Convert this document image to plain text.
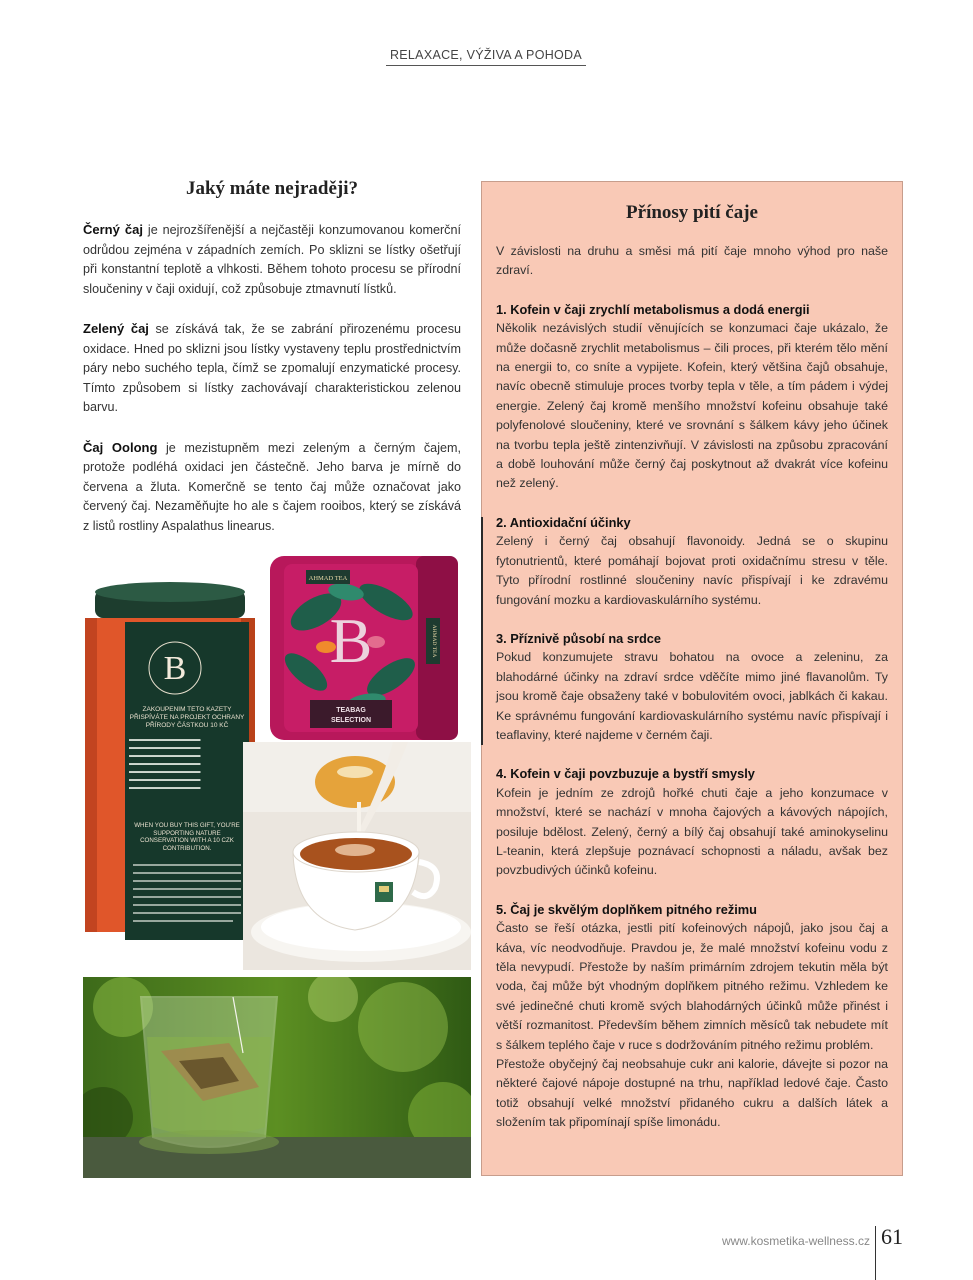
RELAXACE, VÝŽIVA A POHODA
Jaký máte nejraději?

Černý čaj je nejrozšířenější a nejčastěji konzumovanou komerční odrůdou zejména v západních zemích. Po sklizni se lístky ošetřují při konstantní teplotě a vlhkosti. Během tohoto procesu se přírodní sloučeniny v čaji oxidují, což způsobuje ztmavnutí lístků.

Zelený čaj se získává tak, že se zabrání přirozenému procesu oxidace. Hned po sklizni jsou lístky vystaveny teplu prostřednictvím páry nebo suchého tepla, čímž se zpomalují enzymatické procesy. Tímto způsobem si lístky zachovávají charakteristickou zelenou barvu.

Čaj Oolong je mezistupněm mezi zeleným a černým čajem, protože podléhá oxidaci jen částečně. Jeho barva je mírně do červena a žluta. Komerčně se tento čaj může označovat jako červený čaj. Nezaměňujte ho ale s čajem rooibos, který se získává z listů rostliny Aspalathus linearus.

Přínosy pití čaje

V závislosti na druhu a směsi má pití čaje mnoho výhod pro naše zdraví.

1. Kofein v čaji zrychlí metabolismus a dodá energii

Několik nezávislých studií věnujících se konzumaci čaje ukázalo, že může dočasně zrychlit metabolismus – čili proces, při kterém tělo mění na energii to, co sníte a vypijete. Kofein, který většina čajů obsahuje, navíc obecně stimuluje proces tvorby tepla v těle, a tím pádem i výdej energie. Zelený čaj kromě menšího množství kofeinu obsahuje také polyfenolové sloučeniny, které ve srovnání s šálkem kávy jeho účinek na tvorbu tepla ještě zintenzivňují. V závislosti na způsobu zpracování a době louhování může černý čaj poskytnout až dvakrát více kofeinu než zelený.

2. Antioxidační účinky

Zelený i černý čaj obsahují flavonoidy. Jedná se o skupinu fytonutrientů, které pomáhají bojovat proti oxidačnímu stresu v těle. Tyto přírodní rostlinné sloučeniny navíc přispívají i ke zdravému fungování mozku a kardiovaskulárního systému.

3. Příznivě působí na srdce

Pokud konzumujete stravu bohatou na ovoce a zeleninu, za blahodárné účinky na zdraví srdce vděčíte mimo jiné flavanolům. Ty jsou kromě čaje obsaženy také v bobulovitém ovoci, jablkách či kakau. Ke správnému fungování kardiovaskulárního systému navíc přispívají i teaflaviny, které najdeme v černém čaji.

4. Kofein v čaji povzbuzuje a bystří smysly

Kofein je jedním ze zdrojů hořké chuti čaje a jeho konzumace v množství, které se nachází v mnoha čajových a kávových nápojích, posiluje bdělost. Zelený, černý a bílý čaj obsahují také aminokyselinu L-teanin, která zlepšuje poznávací schopnosti a náladu, avšak bez povzbudivých účinků kofeinu.

5. Čaj je skvělým doplňkem pitného režimu

Často se řeší otázka, jestli pití kofeinových nápojů, jako jsou čaj a káva, víc neodvodňuje. Pravdou je, že malé množství kofeinu vodu z těla nevypudí. Přestože by naším primárním zdrojem tekutin měla být voda, čaj může být vhodným doplňkem pitného režimu. Vzhledem ke své jedinečné chuti kromě svých blahodárných účinků může přinést i větší rozmanitost. Především během zimních měsíců tak nebudete mít s šálkem teplého čaje v ruce s dodržováním pitného režimu problém.

Přestože obyčejný čaj neobsahuje cukr ani kalorie, dávejte si pozor na některé čajové nápoje dostupné na trhu, například ledové čaje. Často totiž obsahují velké množství přidaného cukru a dalších látek a složením tak připomínají spíše limonádu.

B
ZAKOUPENÍM TÉTO KAZETY PŘISPÍVÁTE NA PROJEKT OCHRANY PŘÍRODY ČÁSTKOU 10 KČ
▬▬▬▬▬▬▬▬▬▬▬ ▬▬▬▬▬▬▬▬▬▬▬ ▬▬▬▬▬▬▬▬▬▬▬ ▬▬▬▬▬▬▬▬▬▬▬ ▬▬▬▬▬▬▬▬▬▬▬ ▬▬▬▬▬▬▬▬▬▬▬ ▬▬▬▬▬▬▬▬▬▬▬
WHEN YOU BUY THIS GIFT, YOU'RE SUPPORTING NATURE CONSERVATION WITH A 10 CZK CONTRIBUTION.
B
AHMAD TEA
TEABAG
SELECTION
AHMAD TEA
www.kosmetika-wellness.cz 61
